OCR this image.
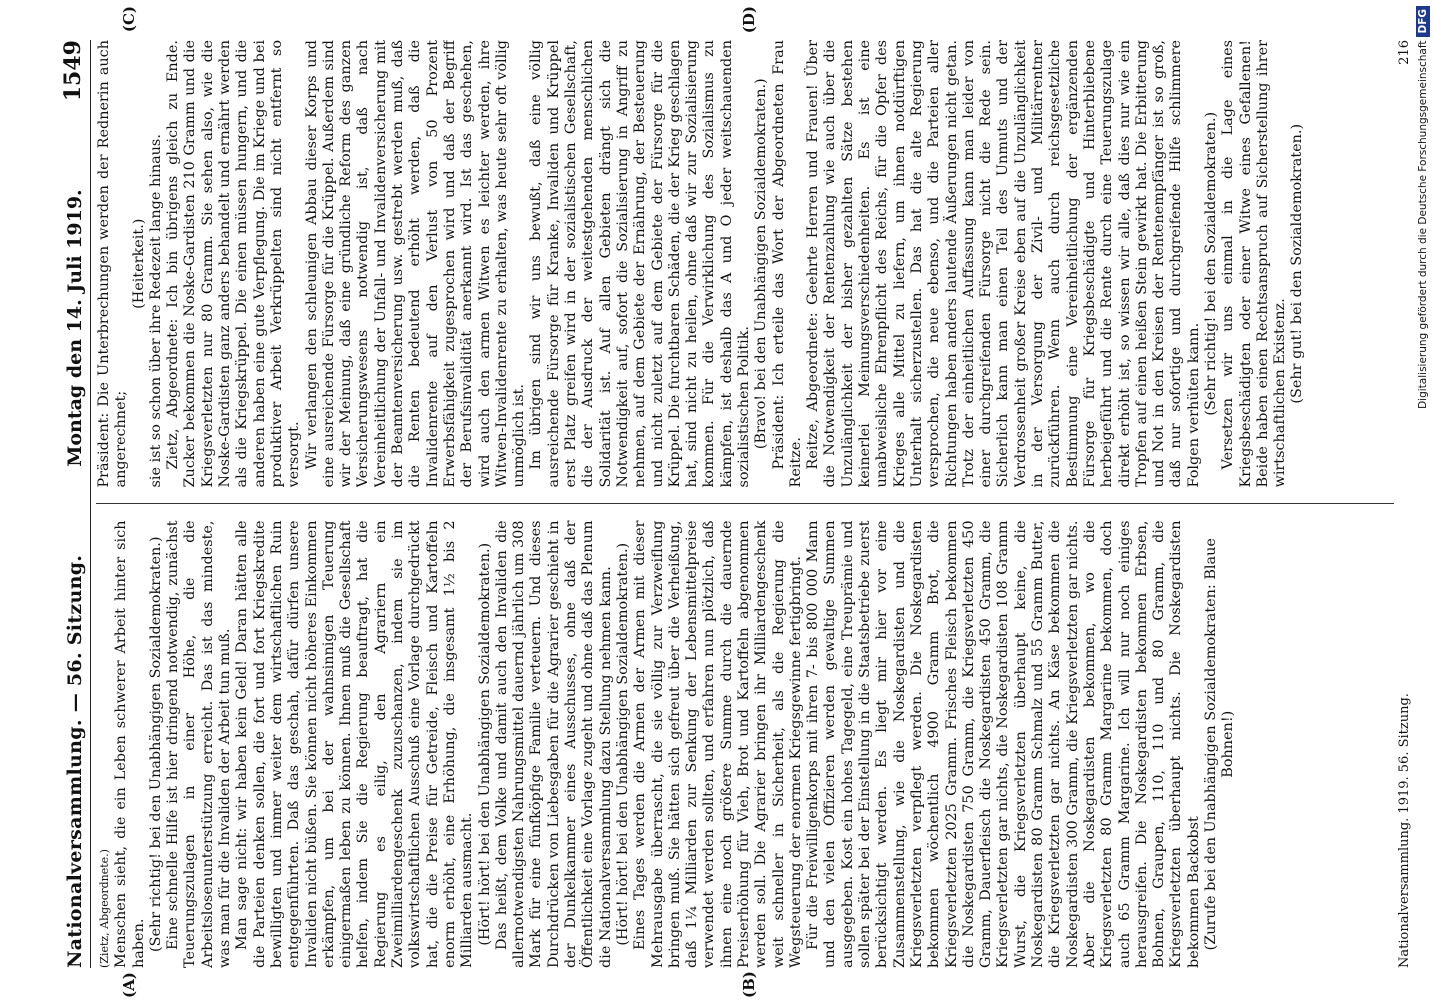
Nationalversammlung. — 56. Sitzung.
Montag den 14. Juli 1919.
1549

(Zietz, Abgeordnete.) Menschen sieht, die ein Leben schwerer Arbeit hinter sich haben. (Sehr richtig! bei den Unabhängigen Sozialdemokraten.) Eine schnelle Hilfe ist hier dringend notwendig, zunächst Teuerungszulagen in einer Höhe, die die Arbeitslosenunterstützung erreicht. Das ist das mindeste, was man für die Invaliden der Arbeit tun muß. Man sage nicht: wir haben kein Geld! Daran hätten alle die Parteien denken sollen, die fort und fort Kriegskredite bewilligten und immer weiter dem wirtschaftlichen Ruin entgegenführten. Daß das geschah, dafür dürfen unsere Invaliden nicht büßen. Sie können nicht höheres Einkommen erkämpfen, um bei der wahnsinnigen Teuerung einigermaßen leben zu können. Ihnen muß die Gesellschaft helfen, indem Sie die Regierung beauftragt, hat die Regierung es eilig, den Agrariern ein Zweimilliardengeschenk zuzuschanzen, indem sie im volkswirtschaftlichen Ausschuß eine Vorlage durchgedrückt hat, die die Preise für Getreide, Fleisch und Kartoffeln enorm erhöht, eine Erhöhung, die insgesamt 1½ bis 2 Milliarden ausmacht. (Hört! hört! bei den Unabhängigen Sozialdemokraten.) Das heißt, dem Volke und damit auch den Invaliden die allernotwendigsten Nahrungsmittel dauernd jährlich um 308 Mark für eine fünfköpfige Familie verteuern. Und dieses Durchdrücken von Liebesgaben für die Agrarier geschieht in der Dunkelkammer eines Ausschusses, ohne daß der Öffentlichkeit eine Vorlage zugeht und ohne daß das Plenum die Nationalversammlung dazu Stellung nehmen kann. (Hört! hört! bei den Unabhängigen Sozialdemokraten.) Eines Tages werden die Armen der Armen mit dieser Mehrausgabe überrascht, die sie völlig zur Verzweiflung bringen muß. Sie hätten sich gefreut über die Verheißung, daß 1¼ Milliarden zur Senkung der Lebensmittelpreise verwendet werden sollten, und erfahren nun plötzlich, daß ihnen eine noch größere Summe durch die dauernde Preiserhöhung für Vieh, Brot und Kartoffeln abgenommen werden soll. Die Agrarier bringen ihr Milliardengeschenk weit schneller in Sicherheit, als die Regierung die Wegsteuerung der enormen Kriegsgewinne fertigbringt. Für die Freiwilligenkorps mit ihren 7- bis 800 000 Mann und den vielen Offizieren werden gewaltige Summen ausgegeben. Kost ein hohes Tagegeld, eine Treuprämie und sollen später bei der Einstellung in die Staatsbetriebe zuerst berücksichtigt werden. Es liegt mir hier vor eine Zusammenstellung, wie die Noskegardisten und die Kriegsverletzten verpflegt werden. Die Noskegardisten bekommen wöchentlich 4900 Gramm Brot, die Kriegsverletzten 2025 Gramm. Frisches Fleisch bekommen die Noskegardisten 750 Gramm, die Kriegsverletzten 450 Gramm, Dauerfleisch die Noskegardisten 450 Gramm, die Kriegsverletzten gar nichts, die Noskegardisten 108 Gramm Wurst, die Kriegsverletzten überhaupt keine, die Noskegardisten 80 Gramm Schmalz und 55 Gramm Butter, die Kriegsverletzten gar nichts. An Käse bekommen die Noskegardisten 300 Gramm, die Kriegsverletzten gar nichts. Aber die Noskegardisten bekommen, wo die Kriegsverletzten 80 Gramm Margarine bekommen, doch auch 65 Gramm Margarine. Ich will nur noch einiges herausgreifen. Die Noskegardisten bekommen Erbsen, Bohnen, Graupen, 110, 110 und 80 Gramm, die Kriegsverletzten überhaupt nichts. Die Noskegardisten bekommen Backobst (Zurufe bei den Unabhängigen Sozialdemokraten: Blaue Bohnen!)

Präsident: Die Unterbrechungen werden der Rednerin auch angerechnet;

(Heiterkeit.) sie ist so schon über ihre Redezeit lange hinaus. Zietz, Abgeordnete: Ich bin übrigens gleich zu Ende. Zucker bekommen die Noske-Gardisten 210 Gramm und die Kriegsverletzten nur 80 Gramm. Sie sehen also, wie die Noske-Gardisten ganz anders behandelt und ernährt werden als die Kriegskrüppel. Die einen müssen hungern, und die anderen haben eine gute Verpflegung. Die im Kriege und bei produktiver Arbeit Verkrüppelten sind nicht entfernt so versorgt. Wir verlangen den schleunigen Abbau dieser Korps und eine ausreichende Fürsorge für die Krüppel. Außerdem sind wir der Meinung, daß eine gründliche Reform des ganzen Versicherungswesens notwendig ist, daß nach Vereinheitlichung der Unfall- und Invalidenversicherung mit der Beamtenversicherung usw. gestrebt werden muß, daß die Renten bedeutend erhöht werden, daß die Invalidenrente auf den Verlust von 50 Prozent Erwerbsfähigkeit zugesprochen wird und daß der Begriff der Berufsinvalidität anerkannt wird. Ist das geschehen, wird auch den armen Witwen es leichter werden, ihre Witwen-Invalidenrente zu erhalten, was heute sehr oft völlig unmöglich ist. Im übrigen sind wir uns bewußt, daß eine völlig ausreichende Fürsorge für Kranke, Invaliden und Krüppel erst Platz greifen wird in der sozialistischen Gesellschaft, die der Ausdruck der weitestgehenden menschlichen Solidarität ist. Auf allen Gebieten drängt sich die Notwendigkeit auf, sofort die Sozialisierung in Angriff zu nehmen, auf dem Gebiete der Ernährung, der Besteuerung und nicht zuletzt auf dem Gebiete der Fürsorge für die Krüppel. Die furchtbaren Schäden, die der Krieg geschlagen hat, sind nicht zu heilen, ohne daß wir zur Sozialisierung kommen. Für die Verwirklichung des Sozialismus zu kämpfen, ist deshalb das A und O jeder weitschauenden sozialistischen Politik. (Bravo! bei den Unabhängigen Sozialdemokraten.) Präsident: Ich erteile das Wort der Abgeordneten Frau Reitze. Reitze, Abgeordnete: Geehrte Herren und Frauen! Über die Notwendigkeit der Rentenzahlung wie auch über die Unzulänglichkeit der bisher gezahlten Sätze bestehen keinerlei Meinungsverschiedenheiten. Es ist eine unabweisliche Ehrenpflicht des Reichs, für die Opfer des Krieges alle Mittel zu liefern, um ihnen notdürftigen Unterhalt sicherzustellen. Das hat die alte Regierung versprochen, die neue ebenso, und die Parteien aller Richtungen haben anders lautende Äußerungen nicht getan. Trotz der einheitlichen Auffassung kann man leider von einer durchgreifenden Fürsorge nicht die Rede sein. Sicherlich kann man einen Teil des Unmuts und der Verdrossenheit großer Kreise eben auf die Unzulänglichkeit in der Versorgung der Zivil- und Militärrentner zurückführen. Wenn auch durch reichsgesetzliche Bestimmung eine Vereinheitlichung der ergänzenden Fürsorge für Kriegsbeschädigte und Hinterbliebene herbeigeführt und die Rente durch eine Teuerungszulage direkt erhöht ist, so wissen wir alle, daß dies nur wie ein Tropfen auf einen heißen Stein gewirkt hat. Die Erbitterung und Not in den Kreisen der Rentenempfänger ist so groß, daß nur sofortige und durchgreifende Hilfe schlimmere Folgen verhüten kann. (Sehr richtig! bei den Sozialdemokraten.) Versetzen wir uns einmal in die Lage eines Kriegsbeschädigten oder einer Witwe eines Gefallenen! Beide haben einen Rechtsanspruch auf Sicherstellung ihrer wirtschaftlichen Existenz. (Sehr gut! bei den Sozialdemokraten.)

(A)	(B)
(C)	(D)
Nationalversammlung. 1919. 56. Sitzung.
216 Digitalisierung gefördert durch die Deutsche ForschungsgemeinschaftDFG
